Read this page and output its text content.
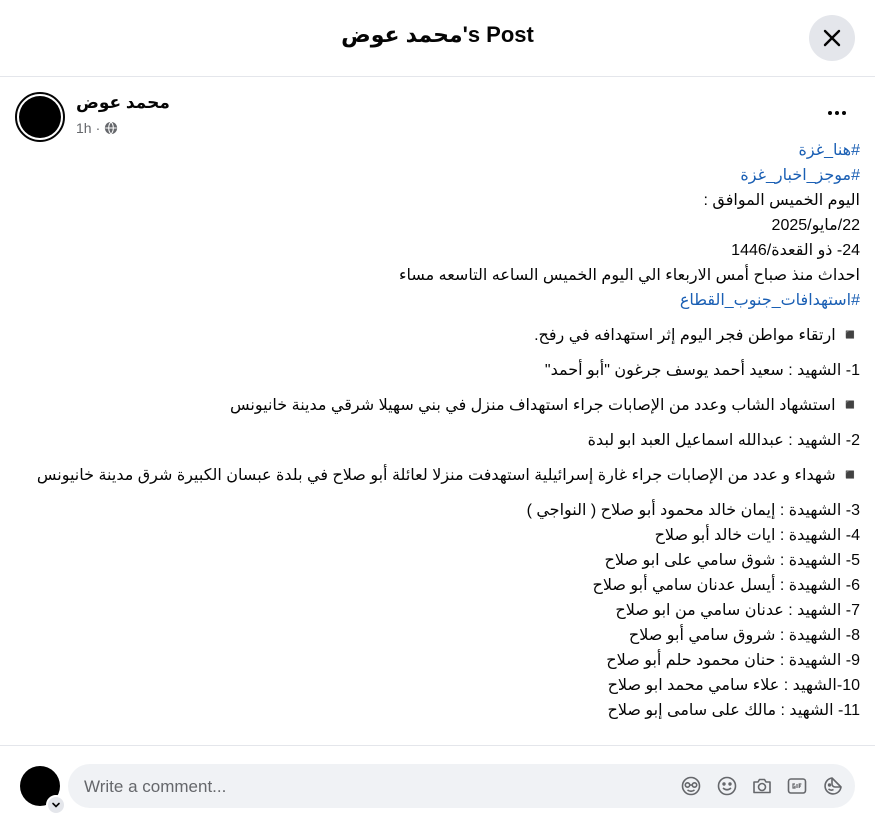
محمد عوض's Post
محمد عوض
1h ·
#هنا_غزة
#موجز_اخبار_غزة

اليوم الخميس الموافق :

22/مايو/2025

24- ذو القعدة/1446

احداث منذ صباح أمس الاربعاء الي اليوم الخميس الساعه التاسعه مساء

#استهدافات_جنوب_القطاع

◾️ ارتقاء مواطن فجر اليوم إثر استهدافه في رفح.

1- الشهيد : سعيد أحمد يوسف جرغون "أبو أحمد"

◾️ استشهاد الشاب وعدد من الإصابات جراء استهداف منزل في بني سهيلا شرقي مدينة خانيونس

2- الشهيد : عبدالله اسماعيل العبد ابو لبدة

◾️ شهداء و عدد من الإصابات جراء غارة إسرائيلية استهدفت منزلا لعائلة أبو صلاح في بلدة عبسان الكبيرة شرق مدينة خانيونس

3- الشهيدة : إيمان خالد محمود أبو صلاح ( النواجي )

4- الشهيدة : ايات خالد أبو صلاح

5- الشهيدة : شوق سامي على ابو صلاح

6- الشهيدة : أيسل عدنان سامي أبو صلاح

7- الشهيد : عدنان سامي من ابو صلاح

8- الشهيدة : شروق سامي أبو صلاح

9- الشهيدة : حنان محمود حلم أبو صلاح

10-الشهيد : علاء سامي محمد ابو صلاح

11- الشهيد : مالك على سامى إبو صلاح

Write a comment...
